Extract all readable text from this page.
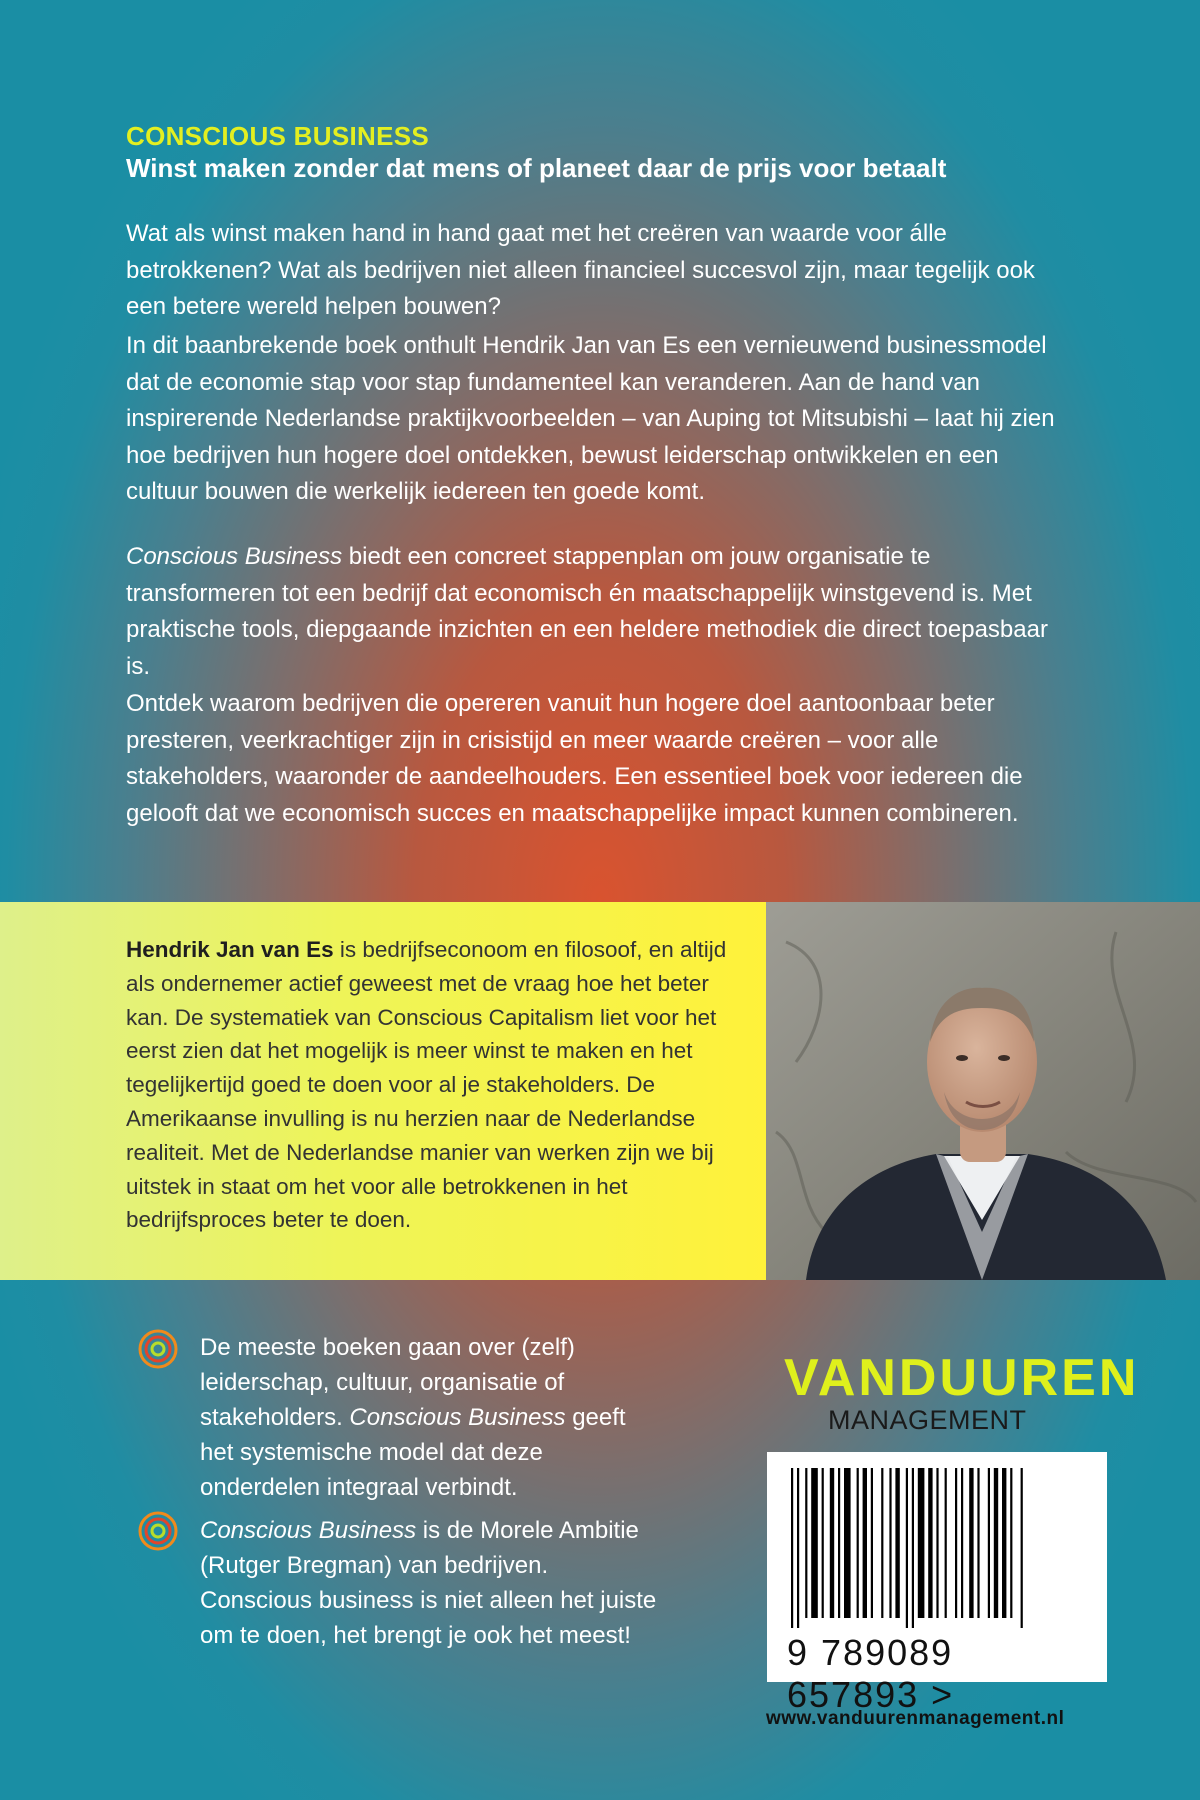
CONSCIOUS BUSINESS
Winst maken zonder dat mens of planeet daar de prijs voor betaalt

Wat als winst maken hand in hand gaat met het creëren van waarde voor álle betrokkenen? Wat als bedrijven niet alleen financieel succesvol zijn, maar tegelijk ook een betere wereld helpen bouwen?

In dit baanbrekende boek onthult Hendrik Jan van Es een vernieuwend businessmodel dat de economie stap voor stap fundamenteel kan veranderen. Aan de hand van inspirerende Nederlandse praktijkvoorbeelden – van Auping tot Mitsubishi – laat hij zien hoe bedrijven hun hogere doel ontdekken, bewust leiderschap ontwikkelen en een cultuur bouwen die werkelijk iedereen ten goede komt.

Conscious Business biedt een concreet stappenplan om jouw organisatie te transformeren tot een bedrijf dat economisch én maatschappelijk winstgevend is. Met praktische tools, diepgaande inzichten en een heldere methodiek die direct toepasbaar is.

Ontdek waarom bedrijven die opereren vanuit hun hogere doel aantoonbaar beter presteren, veerkrachtiger zijn in crisistijd en meer waarde creëren – voor alle stakeholders, waaronder de aandeelhouders. Een essentieel boek voor iedereen die gelooft dat we economisch succes en maatschappelijke impact kunnen combineren.

Hendrik Jan van Es is bedrijfseconoom en filosoof, en altijd als ondernemer actief geweest met de vraag hoe het beter kan. De systematiek van Conscious Capitalism liet voor het eerst zien dat het mogelijk is meer winst te maken en het tegelijkertijd goed te doen voor al je stakeholders. De Amerikaanse invulling is nu herzien naar de Nederlandse realiteit. Met de Nederlandse manier van werken zijn we bij uitstek in staat om het voor alle betrokkenen in het bedrijfsproces beter te doen.

De meeste boeken gaan over (zelf) leiderschap, cultuur, organisatie of stakeholders. Conscious Business geeft het systemische model dat deze onderdelen integraal verbindt.

Conscious Business is de Morele Ambitie (Rutger Bregman) van bedrijven. Conscious business is niet alleen het juiste om te doen, het brengt je ook het meest!

VANDUUREN
MANAGEMENT
9 789089 657893 >
www.vanduurenmanagement.nl
